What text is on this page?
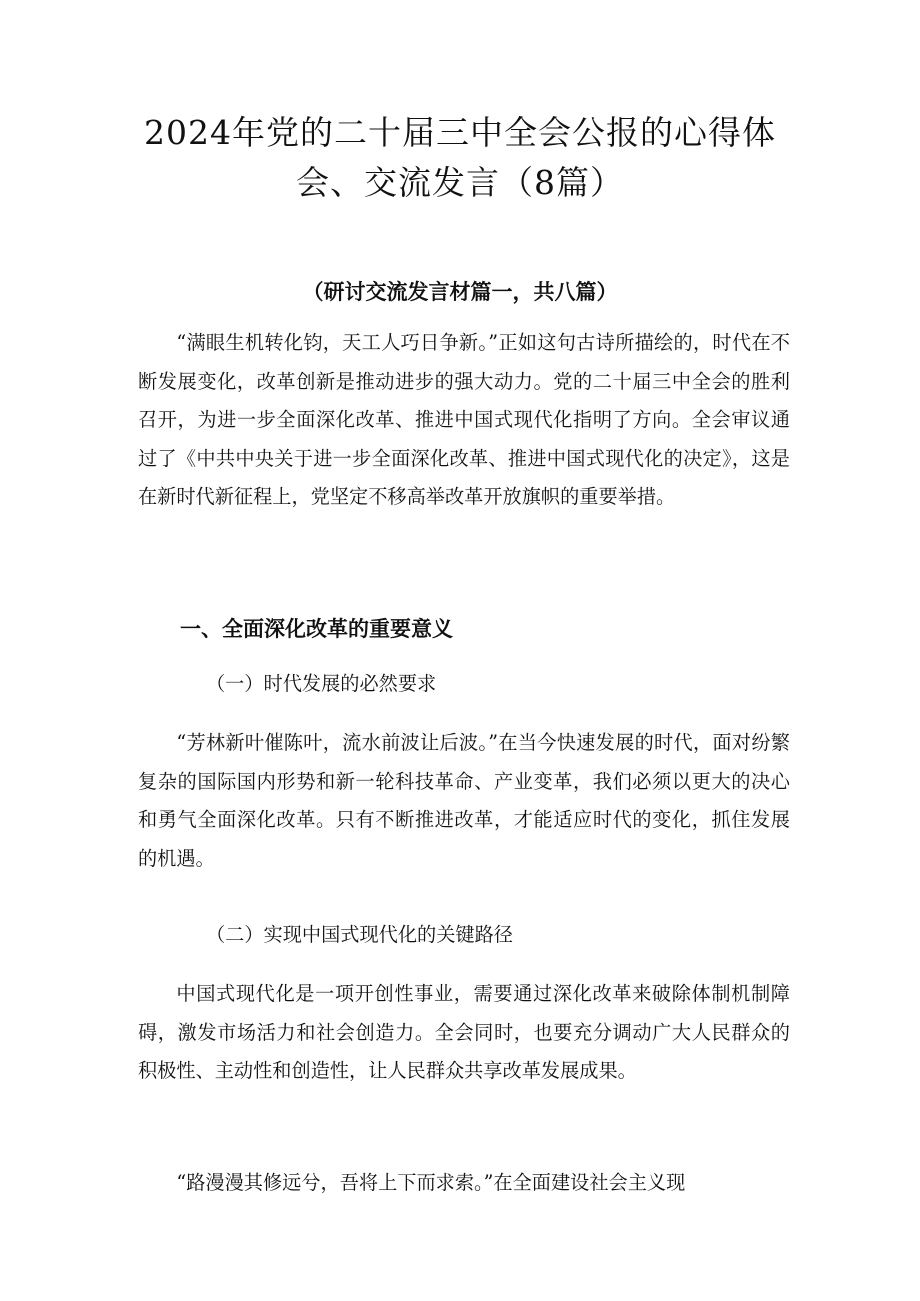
2024年党的二十届三中全会公报的心得体会、交流发言（8篇）
（研讨交流发言材篇一，共八篇）

“满眼生机转化钧，天工人巧日争新。”正如这句古诗所描绘的，时代在不断发展变化，改革创新是推动进步的强大动力。党的二十届三中全会的胜利召开，为进一步全面深化改革、推进中国式现代化指明了方向。全会审议通过了《中共中央关于进一步全面深化改革、推进中国式现代化的决定》，这是在新时代新征程上，党坚定不移高举改革开放旗帜的重要举措。

一、全面深化改革的重要意义
（一）时代发展的必然要求

“芳林新叶催陈叶，流水前波让后波。”在当今快速发展的时代，面对纷繁复杂的国际国内形势和新一轮科技革命、产业变革，我们必须以更大的决心和勇气全面深化改革。只有不断推进改革，才能适应时代的变化，抓住发展的机遇。

（二）实现中国式现代化的关键路径

中国式现代化是一项开创性事业，需要通过深化改革来破除体制机制障碍，激发市场活力和社会创造力。全会同时，也要充分调动广大人民群众的积极性、主动性和创造性，让人民群众共享改革发展成果。

“路漫漫其修远兮，吾将上下而求索。”在全面建设社会主义现
